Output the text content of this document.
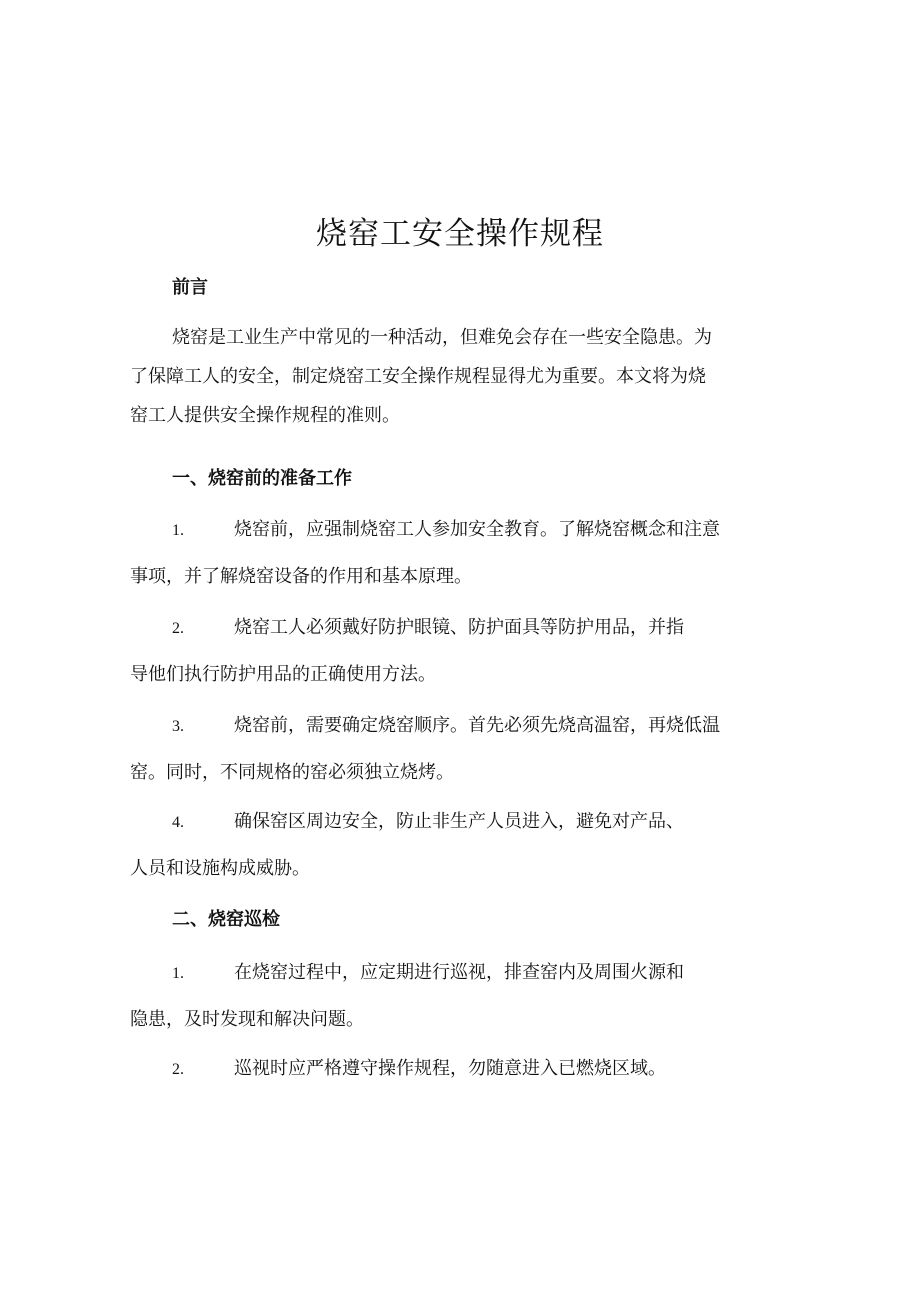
烧窑工安全操作规程
前言
烧窑是工业生产中常见的一种活动，但难免会存在一些安全隐患。为
了保障工人的安全，制定烧窑工安全操作规程显得尤为重要。本文将为烧
窑工人提供安全操作规程的准则。
一、烧窑前的准备工作
1.	烧窑前，应强制烧窑工人参加安全教育。了解烧窑概念和注意
事项，并了解烧窑设备的作用和基本原理。
2.	烧窑工人必须戴好防护眼镜、防护面具等防护用品，并指
导他们执行防护用品的正确使用方法。
3.	烧窑前，需要确定烧窑顺序。首先必须先烧高温窑，再烧低温
窑。同时，不同规格的窑必须独立烧烤。
4.	确保窑区周边安全，防止非生产人员进入，避免对产品、
人员和设施构成威胁。
二、烧窑巡检
1.	在烧窑过程中，应定期进行巡视，排查窑内及周围火源和
隐患，及时发现和解决问题。
2.	巡视时应严格遵守操作规程，勿随意进入已燃烧区域。
